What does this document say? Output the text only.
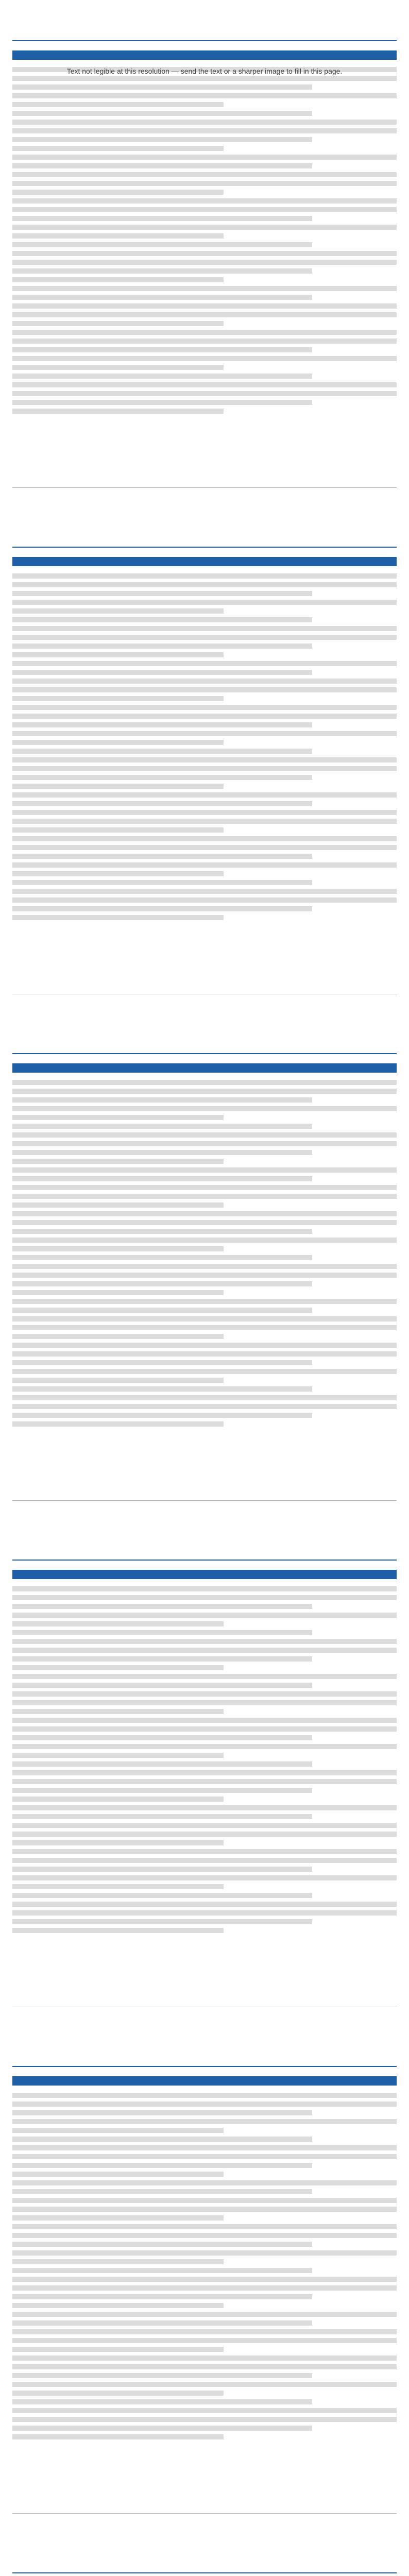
Text not legible at this resolution — send the text or a sharper image to fill in this page.
